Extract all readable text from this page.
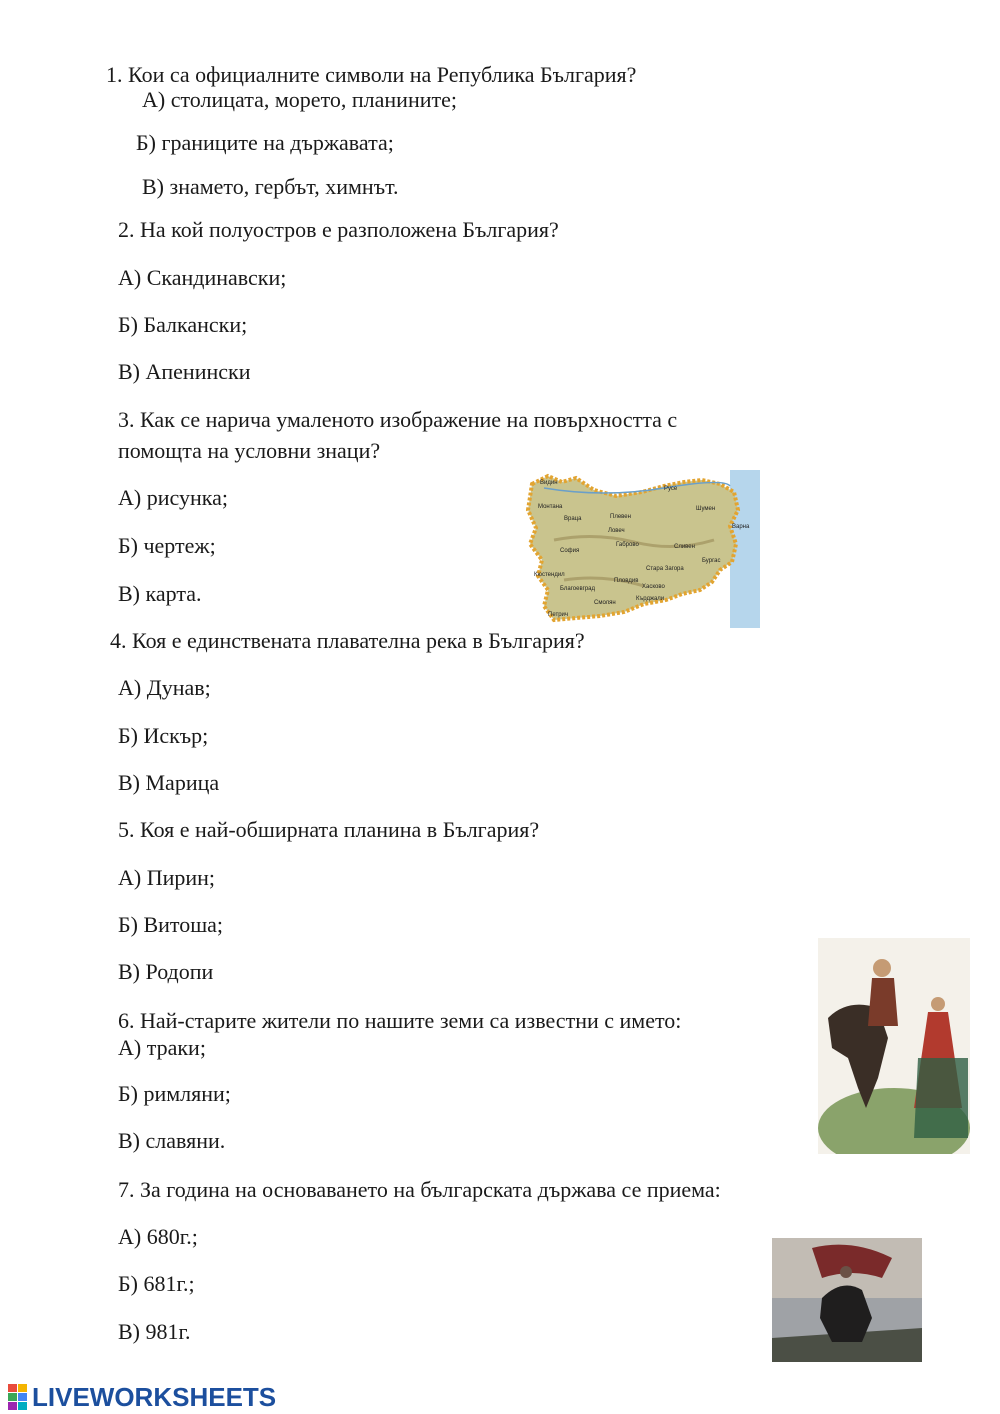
1. Кои са официалните символи на Република България?
А) столицата, морето, планините;
Б) границите на държавата;
В) знамето, гербът, химнът.
2. На кой полуостров е разположена България?
А) Скандинавски;
Б) Балкански;
В) Апенински
3. Как се нарича умаленото изображение на повърхността с
помощта на условни знаци?
А) рисунка;
Б) чертеж;
В) карта.
Русе
Видин
Монтана
Враца	Плевен
Ловеч
Шумен
Варна
София
Габрово	Сливен
Стара Загора
Пловдив
Бургас
Кюстендил
Благоевград
Смолян
Кърджали
Петрич
Хасково
4. Коя е единствената плавателна река в България?
А) Дунав;
Б) Искър;
В) Марица
5. Коя е най-обширната планина в България?
А) Пирин;
Б) Витоша;
В) Родопи
6. Най-старите жители по нашите земи са известни с името:
А) траки;
Б) римляни;
В) славяни.
7. За година на основаването на българската държава се приема:
А) 680г.;
Б) 681г.;
В) 981г.
LIVEWORKSHEETS
